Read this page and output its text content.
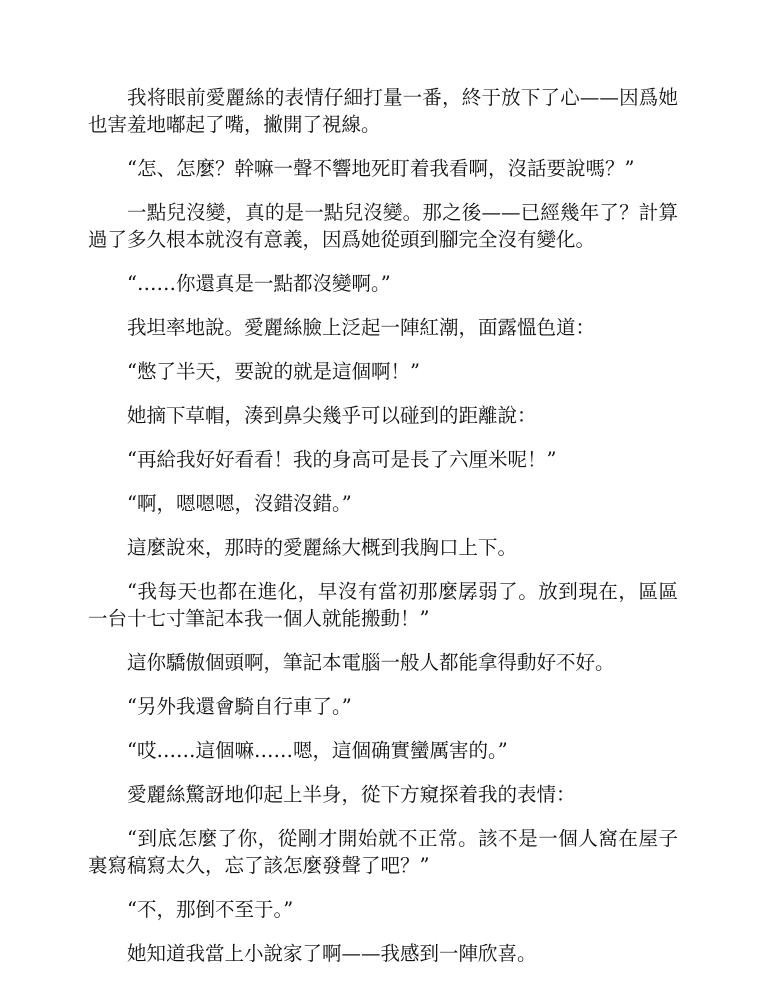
我将眼前愛麗絲的表情仔細打量一番，終于放下了心——因爲她也害羞地嘟起了嘴，撇開了視線。

“怎、怎麼？幹嘛一聲不響地死盯着我看啊，沒話要說嗎？”

一點兒沒變，真的是一點兒沒變。那之後——已經幾年了？計算過了多久根本就沒有意義，因爲她從頭到腳完全沒有變化。

“……你還真是一點都沒變啊。”

我坦率地說。愛麗絲臉上泛起一陣紅潮，面露慍色道：

“憋了半天，要說的就是這個啊！”

她摘下草帽，湊到鼻尖幾乎可以碰到的距離說：

“再給我好好看看！我的身高可是長了六厘米呢！”

“啊，嗯嗯嗯，沒錯沒錯。”

這麼說來，那時的愛麗絲大概到我胸口上下。

“我每天也都在進化，早沒有當初那麼孱弱了。放到現在，區區一台十七寸筆記本我一個人就能搬動！”

這你驕傲個頭啊，筆記本電腦一般人都能拿得動好不好。

“另外我還會騎自行車了。”

“哎……這個嘛……嗯，這個确實蠻厲害的。”

愛麗絲驚訝地仰起上半身，從下方窺探着我的表情：

“到底怎麼了你，從剛才開始就不正常。該不是一個人窩在屋子裏寫稿寫太久，忘了該怎麼發聲了吧？”

“不，那倒不至于。”

她知道我當上小說家了啊——我感到一陣欣喜。
